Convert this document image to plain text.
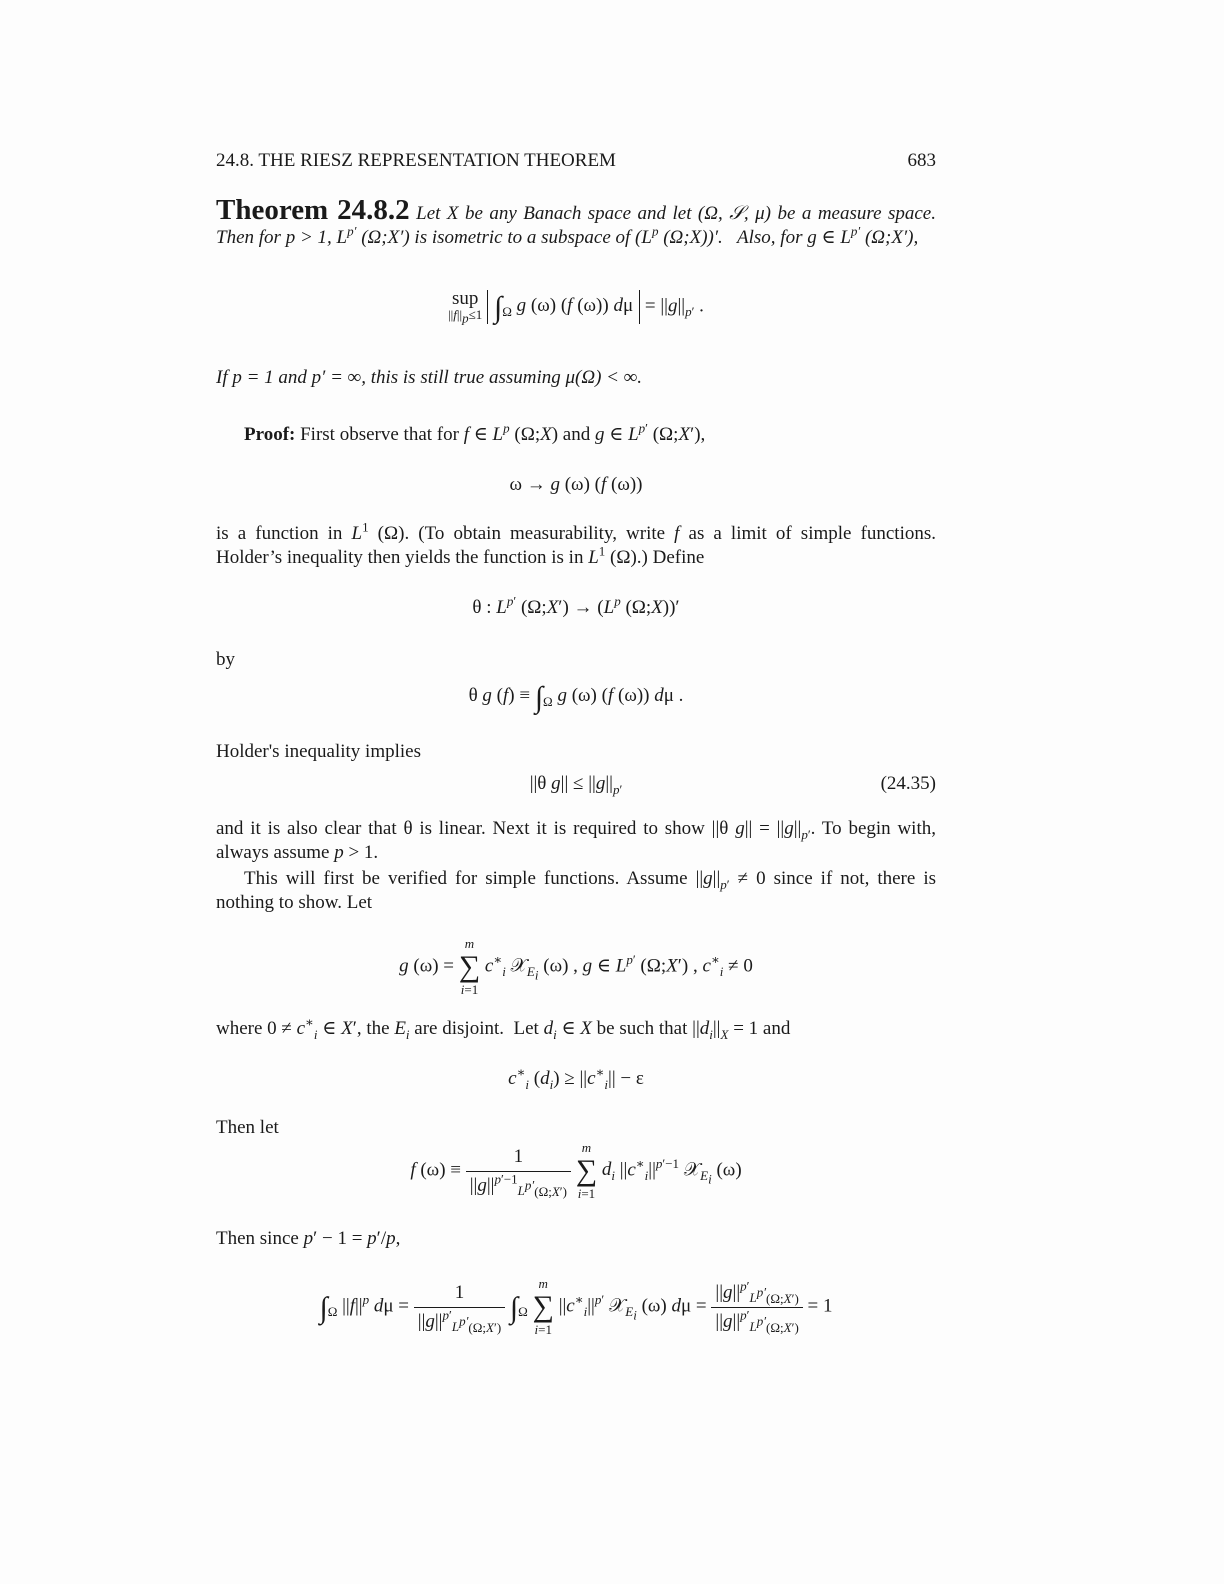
24.8. THE RIESZ REPRESENTATION THEOREM	683
Theorem 24.8.2 Let X be any Banach space and let (Ω, 𝒮, μ) be a measure space. Then for p > 1, $L^{p'}$ (Ω;X′) is isometric to a subspace of ($L^p$ (Ω;X))′.   Also, for g ∈ $L^{p'}$ (Ω;X′),
sup
$||f||_p\le 1$ $\int_\Omega$ g (ω) (f (ω)) $d\mu = ||g||_{p'}$ .
If p = 1 and p′ = ∞, this is still true assuming μ(Ω) < ∞.
Proof: First observe that for f ∈ $L^p$ (Ω;X) and g ∈ $L^{p'}$ (Ω;X′),
ω → g (ω) (f (ω))
is a function in $L^1$ (Ω). (To obtain measurability, write f as a limit of simple functions. Holder’s inequality then yields the function is in $L^1$ (Ω).) Define
θ : $L^{p'}$ (Ω;X′) → ($L^p$ (Ω;X))′
by
θ g $(f) \equiv \int_\Omega$ g (ω) (f (ω)) dμ .
Holder's inequality implies
||θ $g|| \le ||g||_{p'}$	(24.35)
and it is also clear that θ is linear. Next it is required to show ||θ $g|| = ||g||_{p'}$. To begin with, always assume p > 1.
This will first be verified for simple functions. Assume $||g||_{p'} \ne 0$ since if not, there is nothing to show. Let
g (ω) =
m
∑
i=1
$c^∗_i$ 𝒳$_{E_i}$ (ω) , g ∈ $L^{p'}$ (Ω;X′) , $c^∗_i \ne 0$
where $0 \ne c^∗_i$ ∈ X′, the $E_i$ are disjoint.  Let $d_i$ ∈ X be such that $||d_i||_X = 1$ and
$c^∗_i$ $(d_i) \ge ||c^∗_i|| - \varepsilon$
Then let
f $(\omega) \equiv \frac{1}{||g||^{p'-1}_{L^{p'}(\Omega;X')}}$
m
∑
i=1
$d_i$ $||c^∗_i||^{p'-1}$ 𝒳$_{E_i}$ (ω)
Then since p′ − 1 = p′/p,
$\int_\Omega$ $||f||^p$ $d\mu = \frac{1}{||g||^{p'}_{L^{p'}(\Omega;X')}} \int_\Omega$
m
∑
i=1
$||c^∗_i||^{p'}$ 𝒳$_{E_i}$ (ω) $d\mu = \frac{||g||^{p'}_{L^{p'}(\Omega;X')}}{||g||^{p'}_{L^{p'}(\Omega;X')}} = 1$
